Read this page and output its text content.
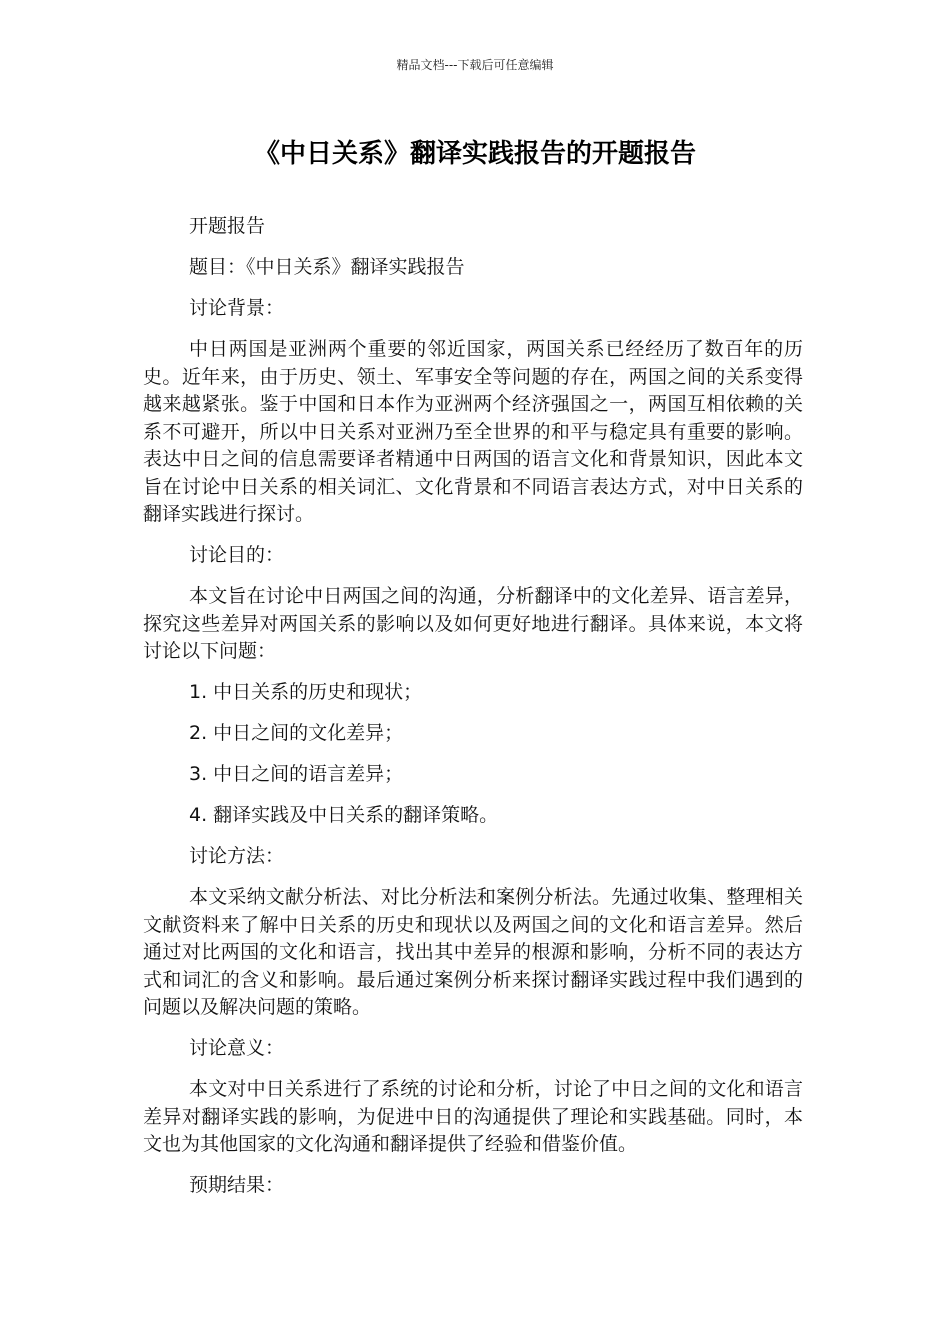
精品文档---下载后可任意编辑
《中日关系》翻译实践报告的开题报告

开题报告

题目：《中日关系》翻译实践报告

讨论背景：

中日两国是亚洲两个重要的邻近国家，两国关系已经经历了数百年的历史。近年来，由于历史、领土、军事安全等问题的存在，两国之间的关系变得越来越紧张。鉴于中国和日本作为亚洲两个经济强国之一，两国互相依赖的关系不可避开，所以中日关系对亚洲乃至全世界的和平与稳定具有重要的影响。表达中日之间的信息需要译者精通中日两国的语言文化和背景知识，因此本文旨在讨论中日关系的相关词汇、文化背景和不同语言表达方式，对中日关系的翻译实践进行探讨。

讨论目的：

本文旨在讨论中日两国之间的沟通，分析翻译中的文化差异、语言差异，探究这些差异对两国关系的影响以及如何更好地进行翻译。具体来说，本文将讨论以下问题：

1. 中日关系的历史和现状；

2. 中日之间的文化差异；

3. 中日之间的语言差异；

4. 翻译实践及中日关系的翻译策略。

讨论方法：

本文采纳文献分析法、对比分析法和案例分析法。先通过收集、整理相关文献资料来了解中日关系的历史和现状以及两国之间的文化和语言差异。然后通过对比两国的文化和语言，找出其中差异的根源和影响，分析不同的表达方式和词汇的含义和影响。最后通过案例分析来探讨翻译实践过程中我们遇到的问题以及解决问题的策略。

讨论意义：

本文对中日关系进行了系统的讨论和分析，讨论了中日之间的文化和语言差异对翻译实践的影响，为促进中日的沟通提供了理论和实践基础。同时，本文也为其他国家的文化沟通和翻译提供了经验和借鉴价值。

预期结果：
